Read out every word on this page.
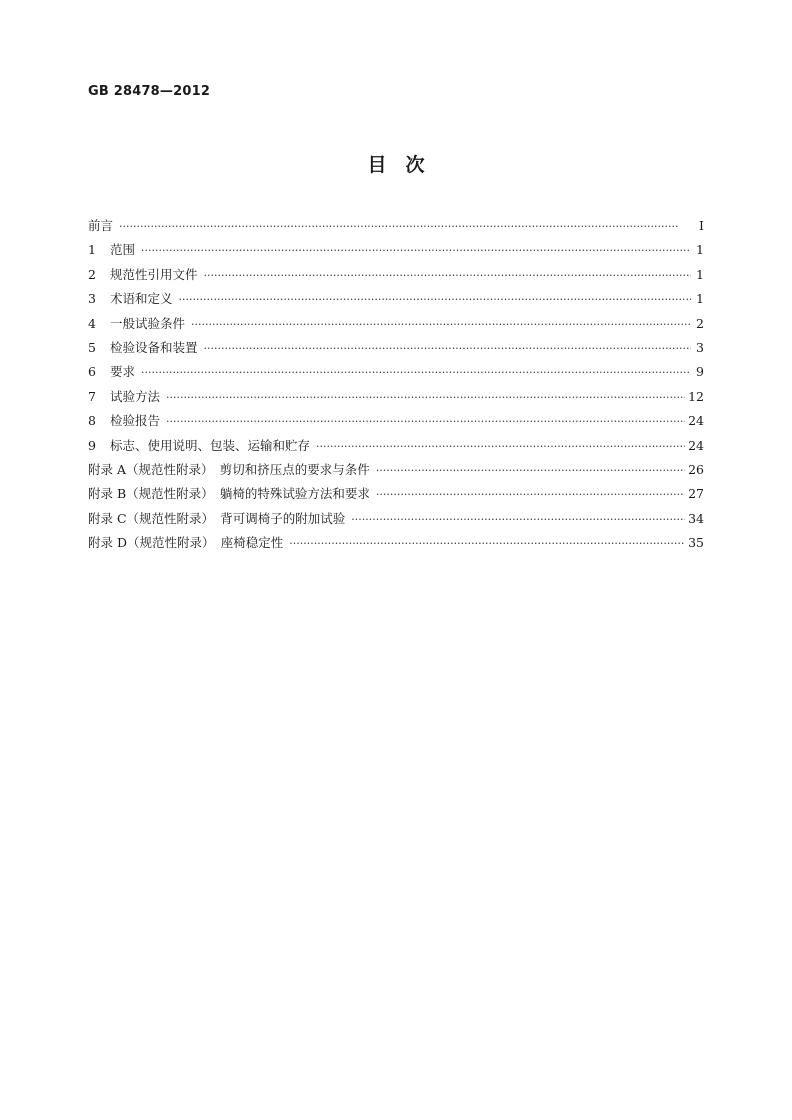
GB 28478—2012
目　次
前言 ·····	Ⅰ
1	范围 ·····	1
2	规范性引用文件 ·····	1
3	术语和定义 ·····	1
4	一般试验条件 ·····	2
5	检验设备和装置 ·····	3
6	要求 ·····	9
7	试验方法 ·····	12
8	检验报告 ·····	24
9	标志、使用说明、包装、运输和贮存 ·····	24
附录 A（规范性附录）　剪切和挤压点的要求与条件 ·····	26
附录 B（规范性附录）　躺椅的特殊试验方法和要求 ·····	27
附录 C（规范性附录）　背可调椅子的附加试验 ·····	34
附录 D（规范性附录）　座椅稳定性 ·····	35
